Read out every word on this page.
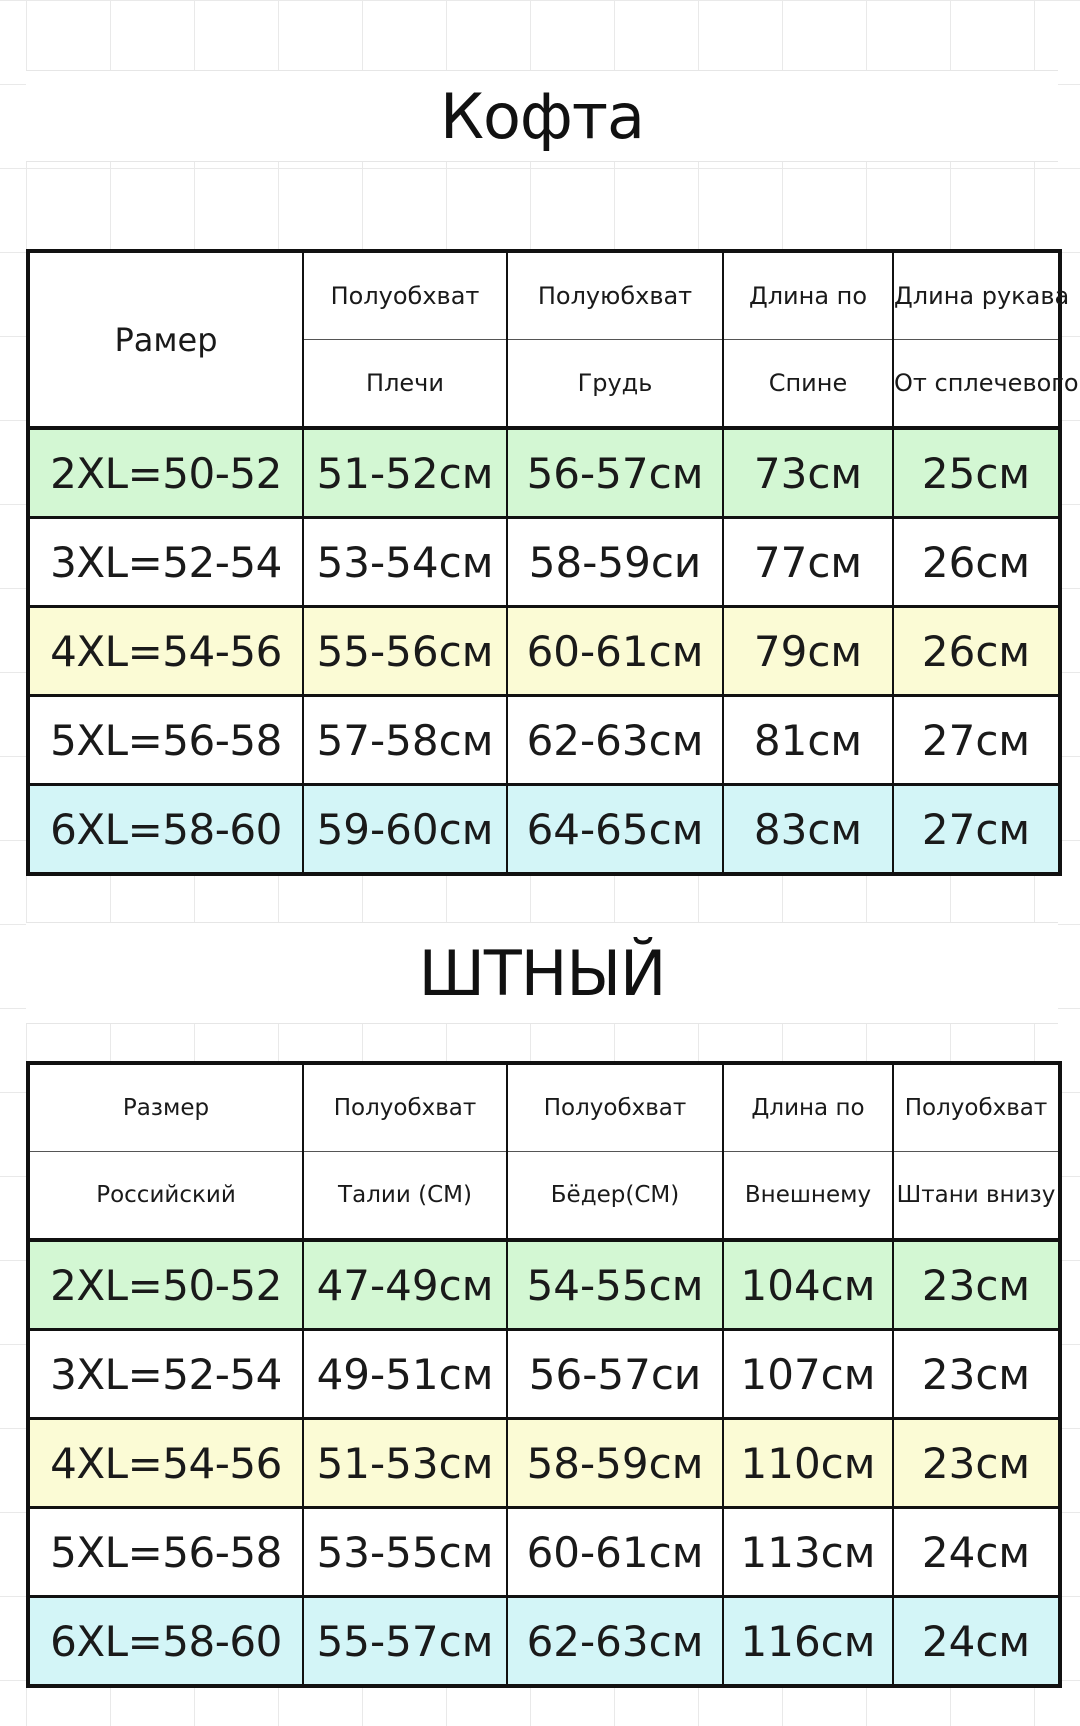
Кофта
Рамер	Полуобхват	Полуюбхват	Длина по	Длина рукава
	Плечи	Грудь	Спине	От сплечевого
2XL=50-52	51-52см	56-57см	73см	25см
3XL=52-54	53-54см	58-59си	77см	26см
4XL=54-56	55-56см	60-61см	79см	26см
5XL=56-58	57-58см	62-63см	81см	27см
6XL=58-60	59-60см	64-65см	83см	27см
ШТНЫЙ
Размер	Полуобхват	Полуобхват	Длина по	Полуобхват
Российский	Талии (СМ)	Бёдер(СМ)	Внешнему	Штани внизу
2XL=50-52	47-49см	54-55см	104см	23см
3XL=52-54	49-51см	56-57си	107см	23см
4XL=54-56	51-53см	58-59см	110см	23см
5XL=56-58	53-55см	60-61см	113см	24см
6XL=58-60	55-57см	62-63см	116см	24см
